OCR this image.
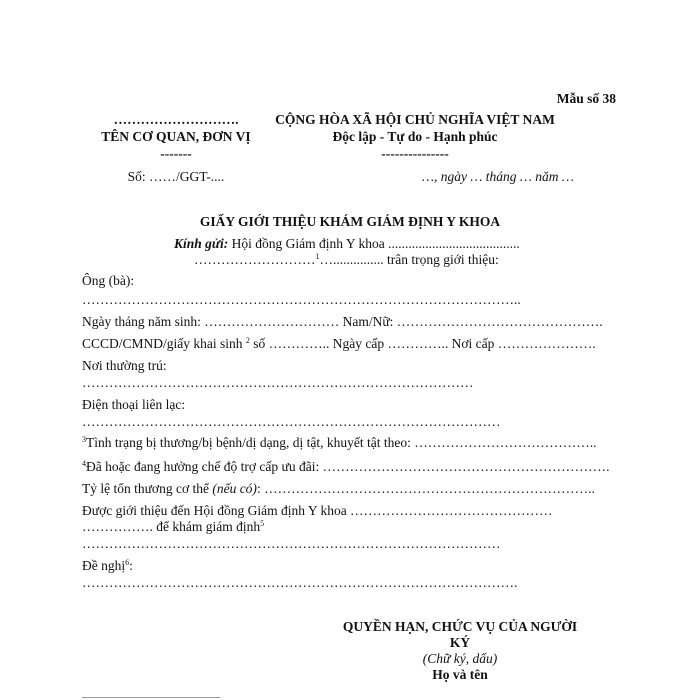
Mẫu số 38
……………………….
TÊN CƠ QUAN, ĐƠN VỊ
-------
Số: ……/GGT-....
CỘNG HÒA XÃ HỘI CHỦ NGHĨA VIỆT NAM
Độc lập - Tự do - Hạnh phúc
---------------
…, ngày … tháng … năm …
GIẤY GIỚI THIỆU KHÁM GIÁM ĐỊNH Y KHOA
Kính gửi: Hội đồng Giám định Y khoa .......................................
………………………$^1$…............... trân trọng giới thiệu:
Ông (bà):
……………………………………………………………………………………..
Ngày tháng năm sinh: ………………………… Nam/Nữ: ……………………………………….
CCCD/CMND/giấy khai sinh $^2$ số ………….. Ngày cấp ………….. Nơi cấp ………………….
Nơi thường trú:
……………………………………………………………………………
Điện thoại liên lạc:
…………………………………………………………………………………
$^3$Tình trạng bị thương/bị bệnh/dị dạng, dị tật, khuyết tật theo: …………………………………..
$^4$Đã hoặc đang hưởng chế độ trợ cấp ưu đãi: ……………………………………………………….
Tỷ lệ tổn thương cơ thể (nếu có): ………………………………………………………………..
Được giới thiệu đến Hội đồng Giám định Y khoa ………………………………………
……………. để khám giám định$^5$
…………………………………………………………………………………
Đề nghị$^6$:
…………………………………………………………………………………….
QUYỀN HẠN, CHỨC VỤ CỦA NGƯỜI
KÝ
(Chữ ký, dấu)
Họ và tên
